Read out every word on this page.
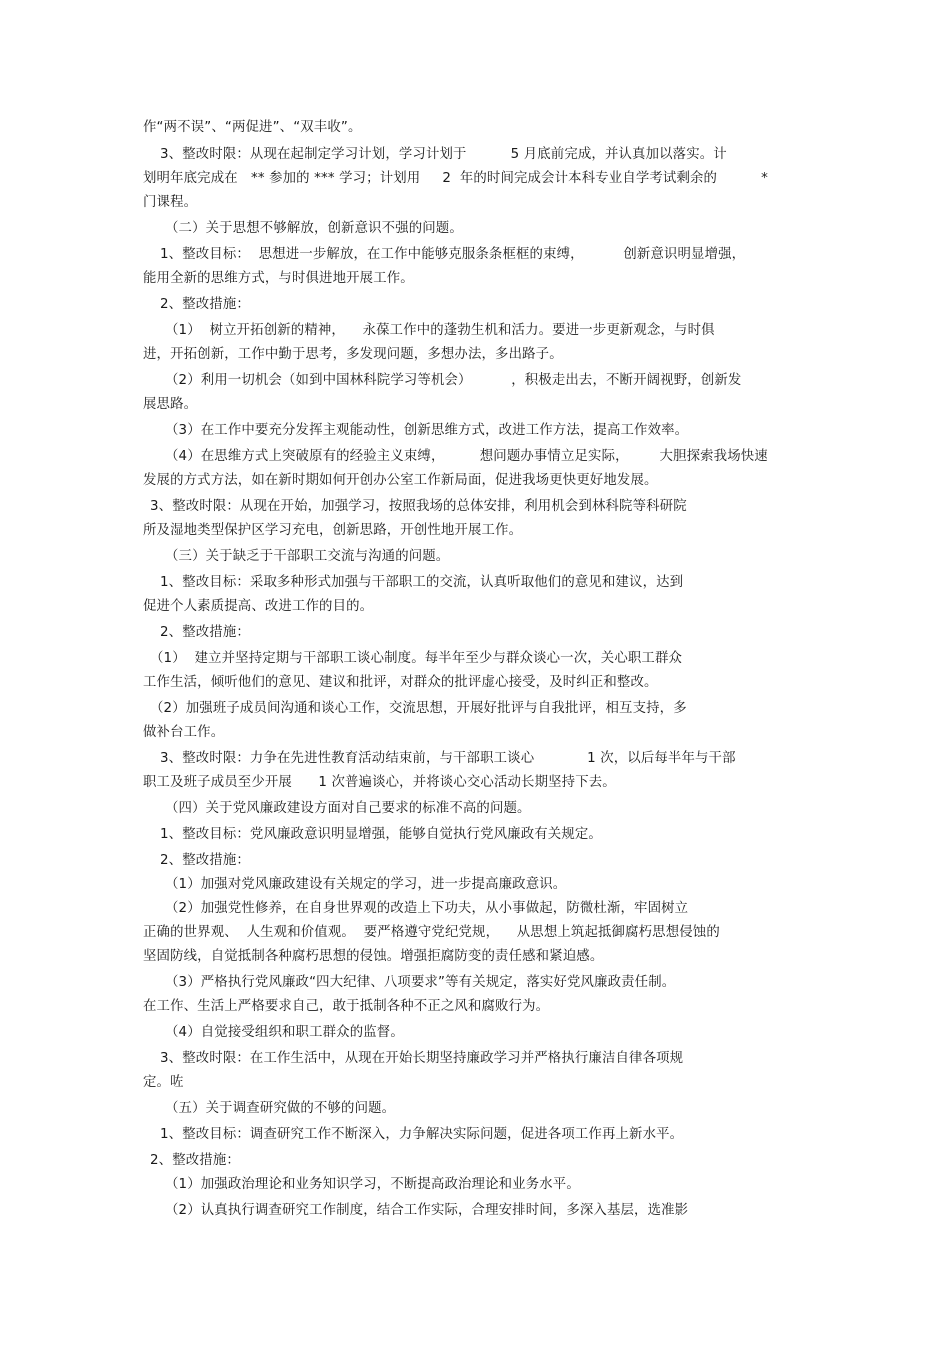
作“两不误”、“两促进”、“双丰收”。
3、整改时限：从现在起制定学习计划，学习计划于          5 月底前完成，并认真加以落实。计
划明年底完成在   ** 参加的 *** 学习；计划用     2  年的时间完成会计本科专业自学考试剩余的          *
门课程。
（二）关于思想不够解放，创新意识不强的问题。
1、整改目标：  思想进一步解放，在工作中能够克服条条框框的束缚，         创新意识明显增强，
能用全新的思维方式，与时俱进地开展工作。
2、整改措施：
（1）  树立开拓创新的精神，    永葆工作中的蓬勃生机和活力。要进一步更新观念，与时俱
进，开拓创新，工作中勤于思考，多发现问题，多想办法，多出路子。
（2）利用一切机会（如到中国林科院学习等机会）         ，积极走出去，不断开阔视野，创新发
展思路。
（3）在工作中要充分发挥主观能动性，创新思维方式，改进工作方法，提高工作效率。
（4）在思维方式上突破原有的经验主义束缚，        想问题办事情立足实际，       大胆探索我场快速
发展的方式方法，如在新时期如何开创办公室工作新局面，促进我场更快更好地发展。
3、整改时限：从现在开始，加强学习，按照我场的总体安排，利用机会到林科院等科研院
所及湿地类型保护区学习充电，创新思路，开创性地开展工作。
（三）关于缺乏于干部职工交流与沟通的问题。
1、整改目标：采取多种形式加强与干部职工的交流，认真听取他们的意见和建议，达到
促进个人素质提高、改进工作的目的。
2、整改措施：
（1）  建立并坚持定期与干部职工谈心制度。每半年至少与群众谈心一次，关心职工群众
工作生活，倾听他们的意见、建议和批评，对群众的批评虚心接受，及时纠正和整改。
（2）加强班子成员间沟通和谈心工作，交流思想，开展好批评与自我批评，相互支持，多
做补台工作。
3、整改时限：力争在先进性教育活动结束前，与干部职工谈心            1 次，以后每半年与干部
职工及班子成员至少开展      1 次普遍谈心，并将谈心交心活动长期坚持下去。
（四）关于党风廉政建设方面对自己要求的标准不高的问题。
1、整改目标：党风廉政意识明显增强，能够自觉执行党风廉政有关规定。
2、整改措施：
（1）加强对党风廉政建设有关规定的学习，进一步提高廉政意识。
（2）加强党性修养，在自身世界观的改造上下功夫，从小事做起，防微杜渐，牢固树立
正确的世界观、  人生观和价值观。  要严格遵守党纪党规，    从思想上筑起抵御腐朽思想侵蚀的
坚固防线，自觉抵制各种腐朽思想的侵蚀。增强拒腐防变的责任感和紧迫感。
（3）严格执行党风廉政“四大纪律、八项要求”等有关规定，落实好党风廉政责任制。
在工作、生活上严格要求自己，敢于抵制各种不正之风和腐败行为。
（4）自觉接受组织和职工群众的监督。
3、整改时限：在工作生活中，从现在开始长期坚持廉政学习并严格执行廉洁自律各项规
定。咗
（五）关于调查研究做的不够的问题。
1、整改目标：调查研究工作不断深入，力争解决实际问题，促进各项工作再上新水平。
2、整改措施：
（1）加强政治理论和业务知识学习，不断提高政治理论和业务水平。
（2）认真执行调查研究工作制度，结合工作实际，合理安排时间，多深入基层，选准影
